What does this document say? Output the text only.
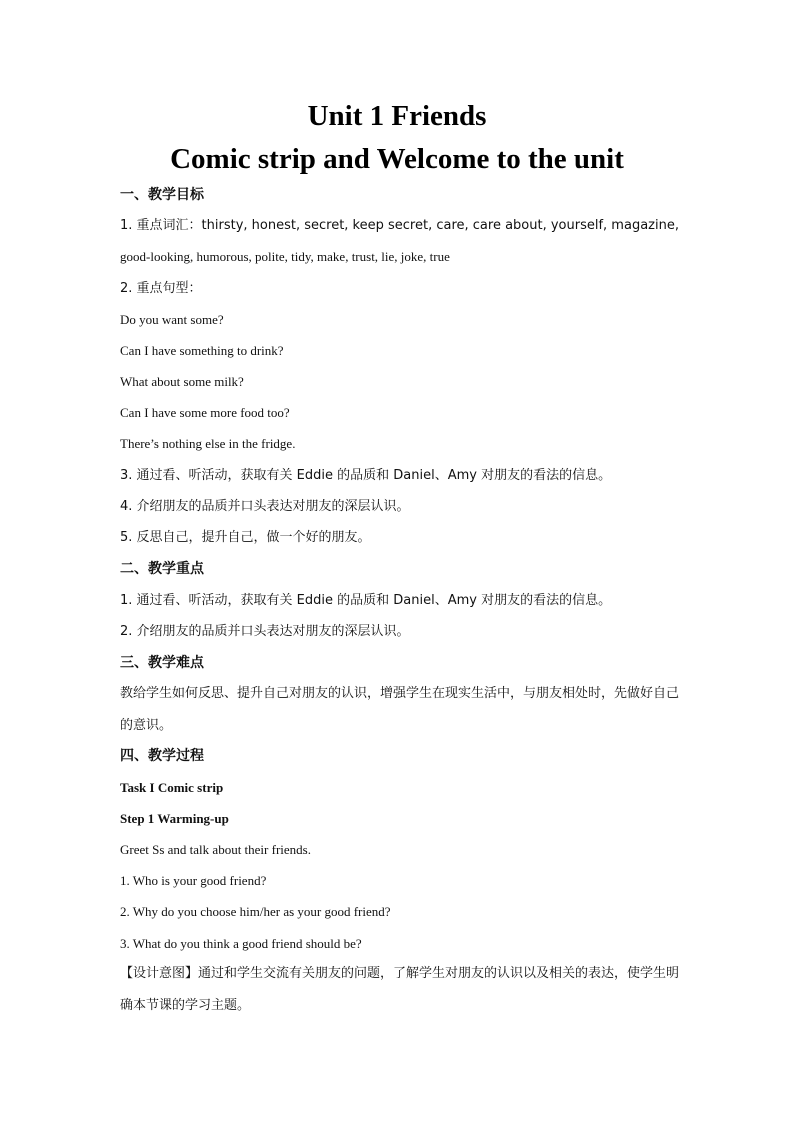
Unit 1 Friends
Comic strip and Welcome to the unit
一、教学目标
1. 重点词汇：thirsty, honest, secret, keep secret, care, care about, yourself, magazine,
good-looking, humorous, polite, tidy, make, trust, lie, joke, true
2. 重点句型：
Do you want some?
Can I have something to drink?
What about some milk?
Can I have some more food too?
There’s nothing else in the fridge.
3. 通过看、听活动，获取有关 Eddie 的品质和 Daniel、Amy 对朋友的看法的信息。
4. 介绍朋友的品质并口头表达对朋友的深层认识。
5. 反思自己，提升自己，做一个好的朋友。
二、教学重点
1. 通过看、听活动，获取有关 Eddie 的品质和 Daniel、Amy 对朋友的看法的信息。
2. 介绍朋友的品质并口头表达对朋友的深层认识。
三、教学难点
教给学生如何反思、提升自己对朋友的认识，增强学生在现实生活中，与朋友相处时，先做好自己的意识。
四、教学过程
Task I Comic strip
Step 1 Warming-up
Greet Ss and talk about their friends.
1. Who is your good friend?
2. Why do you choose him/her as your good friend?
3. What do you think a good friend should be?
【设计意图】通过和学生交流有关朋友的问题，了解学生对朋友的认识以及相关的表达，使学生明确本节课的学习主题。
